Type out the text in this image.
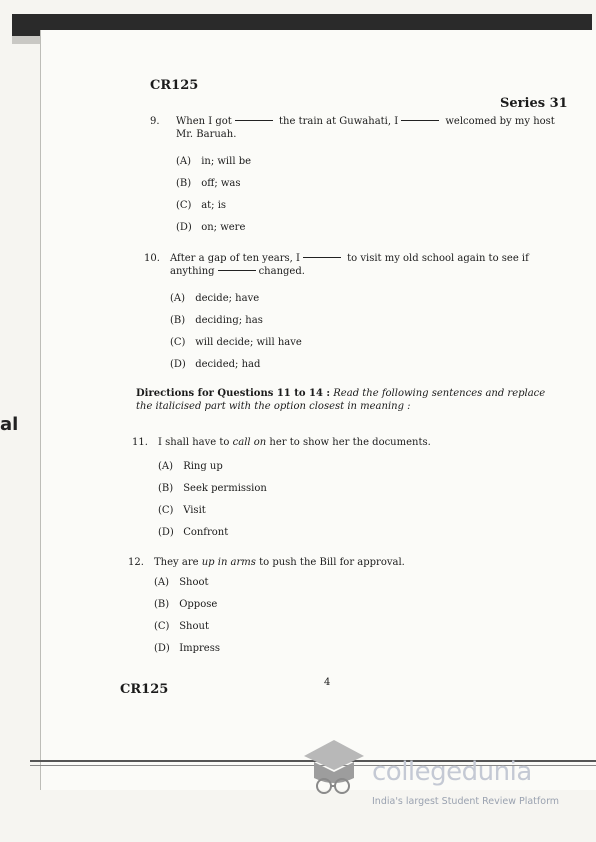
al
CR125
Series 31
9. When I got	the train at Guwahati, I	welcomed by my host
Mr. Baruah.
(A) in; will be
(B) off; was
(C) at; is
(D) on; were
10. After a gap of ten years, I	to visit my old school again to see if
anything	changed.
(A) decide; have
(B) deciding; has
(C) will decide; will have
(D) decided; had
Directions for Questions 11 to 14 : Read the following sentences and replace the italicised part with the option closest in meaning :
11. I shall have to call on her to show her the documents.
(A) Ring up
(B) Seek permission
(C) Visit
(D) Confront
12. They are up in arms to push the Bill for approval.
(A) Shoot
(B) Oppose
(C) Shout
(D) Impress
CR125	4
collegedunia
India's largest Student Review Platform
